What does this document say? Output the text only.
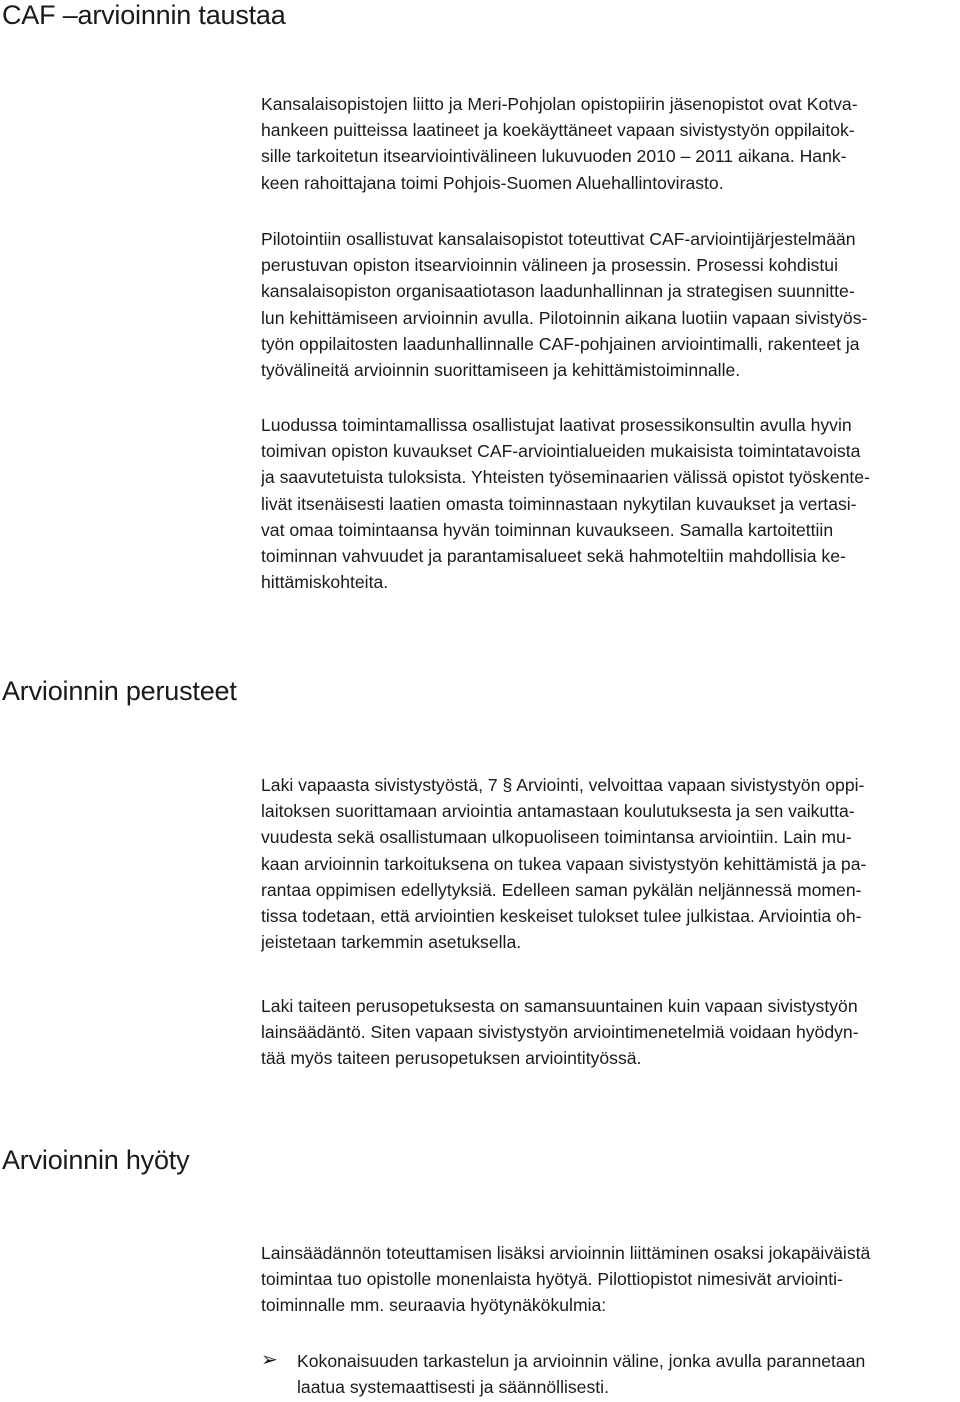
CAF –arvioinnin taustaa
Kansalaisopistojen liitto ja Meri-Pohjolan opistopiirin jäsenopistot ovat Kotva-
hankeen puitteissa laatineet ja koekäyttäneet vapaan sivistystyön oppilaitok-
sille tarkoitetun itsearviointivälineen lukuvuoden 2010 – 2011 aikana. Hank-
keen rahoittajana toimi Pohjois-Suomen Aluehallintovirasto.
Pilotointiin osallistuvat kansalaisopistot toteuttivat CAF-arviointijärjestelmään
perustuvan opiston itsearvioinnin välineen ja prosessin. Prosessi kohdistui
kansalaisopiston organisaatiotason laadunhallinnan ja strategisen suunnitte-
lun kehittämiseen arvioinnin avulla. Pilotoinnin aikana luotiin vapaan sivistyös-
työn oppilaitosten laadunhallinnalle CAF-pohjainen arviointimalli, rakenteet ja
työvälineitä arvioinnin suorittamiseen ja kehittämistoiminnalle.
Luodussa toimintamallissa osallistujat laativat prosessikonsultin avulla hyvin
toimivan opiston kuvaukset CAF-arviointialueiden mukaisista toimintatavoista
ja saavutetuista tuloksista. Yhteisten työseminaarien välissä opistot työskente-
livät itsenäisesti laatien omasta toiminnastaan nykytilan kuvaukset ja vertasi-
vat omaa toimintaansa hyvän toiminnan kuvaukseen. Samalla kartoitettiin
toiminnan vahvuudet ja parantamisalueet sekä hahmoteltiin mahdollisia ke-
hittämiskohteita.
Arvioinnin perusteet
Laki vapaasta sivistystyöstä, 7 § Arviointi, velvoittaa vapaan sivistystyön oppi-
laitoksen suorittamaan arviointia antamastaan koulutuksesta ja sen vaikutta-
vuudesta sekä osallistumaan ulkopuoliseen toimintansa arviointiin. Lain mu-
kaan arvioinnin tarkoituksena on tukea vapaan sivistystyön kehittämistä ja pa-
rantaa oppimisen edellytyksiä. Edelleen saman pykälän neljännessä momen-
tissa todetaan, että arviointien keskeiset tulokset tulee julkistaa. Arviointia oh-
jeistetaan tarkemmin asetuksella.
Laki taiteen perusopetuksesta on samansuuntainen kuin vapaan sivistystyön
lainsäädäntö. Siten vapaan sivistystyön arviointimenetelmiä voidaan hyödyn-
tää myös taiteen perusopetuksen arviointityössä.
Arvioinnin hyöty
Lainsäädännön toteuttamisen lisäksi arvioinnin liittäminen osaksi jokapäiväistä
toimintaa tuo opistolle monenlaista hyötyä. Pilottiopistot nimesivät arviointi-
toiminnalle mm. seuraavia hyötynäkökulmia:
➢ Kokonaisuuden tarkastelun ja arvioinnin väline, jonka avulla parannetaan
laatua systemaattisesti ja säännöllisesti.
